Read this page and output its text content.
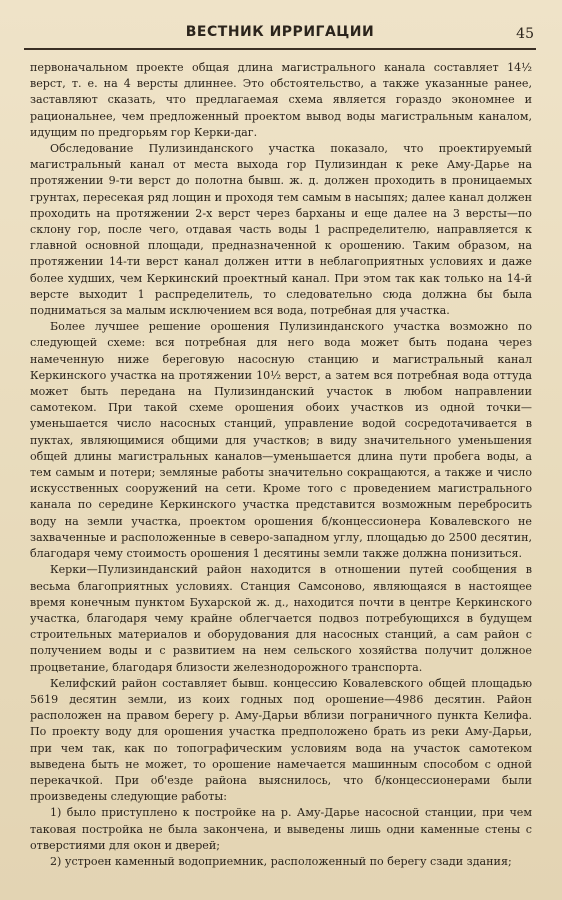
ВЕСТНИК ИРРИГАЦИИ	45

первоначальном проекте общая длина магистрального канала составляет 14½ верст, т. е. на 4 версты длиннее. Это обстоятельство, а также указанные ранее, заставляют сказать, что предлагаемая схема является гораздо экономнее и рациональнее, чем предложенный проектом вывод воды магистральным каналом, идущим по предгорьям гор Керки-даг.

Обследование Пулизинданского участка показало, что проектируемый магистральный канал от места выхода гор Пулизиндан к реке Аму-Дарье на протяжении 9-ти верст до полотна бывш. ж. д. должен проходить в проницаемых грунтах, пересекая ряд лощин и проходя тем самым в насыпях; далее канал должен проходить на протяжении 2-х верст через барханы и еще далее на 3 версты—по склону гор, после чего, отдавая часть воды 1 распределителю, направляется к главной основной площади, предназначенной к орошению. Таким образом, на протяжении 14-ти верст канал должен итти в неблагоприятных условиях и даже более худших, чем Керкинский проектный канал. При этом так как только на 14-й версте выходит 1 распределитель, то следовательно сюда должна бы была подниматься за малым исключением вся вода, потребная для участка.

Более лучшее решение орошения Пулизинданского участка возможно по следующей схеме: вся потребная для него вода может быть подана через намеченную ниже береговую насосную станцию и магистральный канал Керкинского участка на протяжении 10½ верст, а затем вся потребная вода оттуда может быть передана на Пулизинданский участок в любом направлении самотеком. При такой схеме орошения обоих участков из одной точки—уменьшается число насосных станций, управление водой сосредотачивается в пуктах, являющимися общими для участков; в виду значительного уменьшения общей длины магистральных каналов—уменьшается длина пути пробега воды, а тем самым и потери; земляные работы значительно сокращаются, а также и число искусственных сооружений на сети. Кроме того с проведением магистрального канала по середине Керкинского участка представится возможным перебросить воду на земли участка, проектом орошения б/концессионера Ковалевского не захваченные и расположенные в северо-западном углу, площадью до 2500 десятин, благодаря чему стоимость орошения 1 десятины земли также должна понизиться.

Керки—Пулизинданский район находится в отношении путей сообщения в весьма благоприятных условиях. Станция Самсоново, являющаяся в настоящее время конечным пунктом Бухарской ж. д., находится почти в центре Керкинского участка, благодаря чему крайне облегчается подвоз потребующихся в будущем строительных материалов и оборудования для насосных станций, а сам район с получением воды и с развитием на нем сельского хозяйства получит должное процветание, благодаря близости железнодорожного транспорта.

Келифский район составляет бывш. концессию Ковалевского общей площадью 5619 десятин земли, из коих годных под орошение—4986 десятин. Район расположен на правом берегу р. Аму-Дарьи вблизи пограничного пункта Келифа. По проекту воду для орошения участка предположено брать из реки Аму-Дарьи, при чем так, как по топографическим условиям вода на участок самотеком выведена быть не может, то орошение намечается машинным способом с одной перекачкой. При об'езде района выяснилось, что б/концессионерами были произведены следующие работы:

1) было приступлено к постройке на р. Аму-Дарье насосной станции, при чем таковая постройка не была закончена, и выведены лишь одни каменные стены с отверстиями для окон и дверей;

2) устроен каменный водоприемник, расположенный по берегу сзади здания;
